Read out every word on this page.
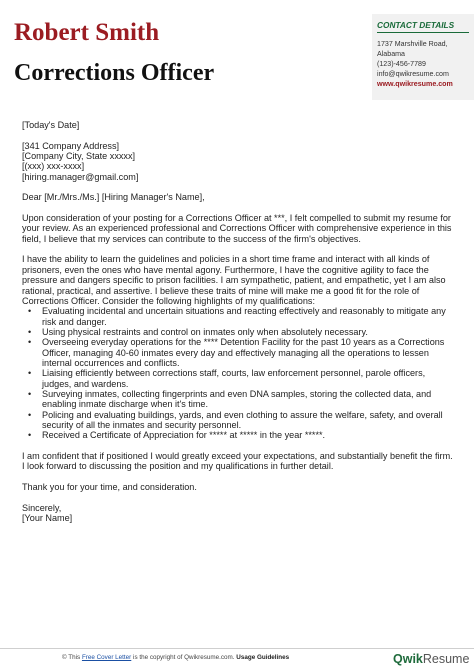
Robert Smith
Corrections Officer
CONTACT DETAILS
1737 Marshville Road,
Alabama
(123)-456-7789
info@qwikresume.com
www.qwikresume.com

[Today's Date]

[341 Company Address]

[Company City, State xxxxx]

[(xxx) xxx-xxxx]

[hiring.manager@gmail.com]

Dear [Mr./Mrs./Ms.] [Hiring Manager's Name],

Upon consideration of your posting for a Corrections Officer at ***, I felt compelled to submit my resume for your review. As an experienced professional and Corrections Officer with comprehensive experience in this field, I believe that my services can contribute to the success of the firm's objectives.

I have the ability to learn the guidelines and policies in a short time frame and interact with all kinds of prisoners, even the ones who have mental agony. Furthermore, I have the cognitive agility to face the pressure and dangers specific to prison facilities. I am sympathetic, patient, and empathetic, yet I am also rational, practical, and assertive. I believe these traits of mine will make me a good fit for the role of Corrections Officer. Consider the following highlights of my qualifications:

• Evaluating incidental and uncertain situations and reacting effectively and reasonably to mitigate any risk and danger.
• Using physical restraints and control on inmates only when absolutely necessary.
• Overseeing everyday operations for the **** Detention Facility for the past 10 years as a Corrections Officer, managing 40-60 inmates every day and effectively managing all the operations to lessen internal occurrences and conflicts.
• Liaising efficiently between corrections staff, courts, law enforcement personnel, parole officers, judges, and wardens.
• Surveying inmates, collecting fingerprints and even DNA samples, storing the collected data, and enabling inmate discharge when it's time.
• Policing and evaluating buildings, yards, and even clothing to assure the welfare, safety, and overall security of all the inmates and security personnel.
• Received a Certificate of Appreciation for ***** at ***** in the year *****.

I am confident that if positioned I would greatly exceed your expectations, and substantially benefit the firm. I look forward to discussing the position and my qualifications in further detail.

Thank you for your time, and consideration.

Sincerely,

[Your Name]

© This Free Cover Letter is the copyright of Qwikresume.com. Usage Guidelines	QwikResume
